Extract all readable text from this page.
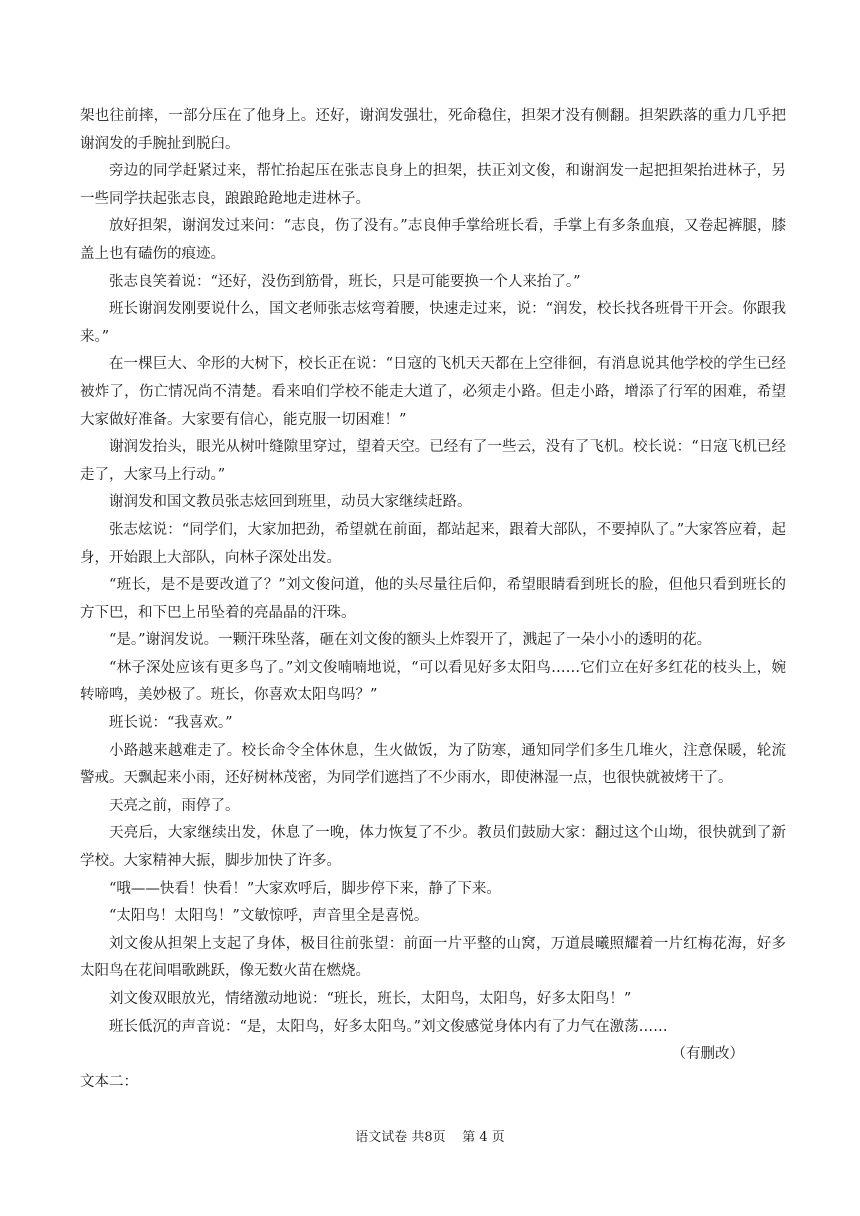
架也往前摔，一部分压在了他身上。还好，谢润发强壮，死命稳住，担架才没有侧翻。担架跌落的重力几乎把谢润发的手腕扯到脱臼。

旁边的同学赶紧过来，帮忙抬起压在张志良身上的担架，扶正刘文俊，和谢润发一起把担架抬进林子，另一些同学扶起张志良，踉踉跄跄地走进林子。

放好担架，谢润发过来问：“志良，伤了没有。”志良伸手掌给班长看，手掌上有多条血痕，又卷起裤腿，膝盖上也有磕伤的痕迹。

张志良笑着说：“还好，没伤到筋骨，班长，只是可能要换一个人来抬了。”

班长谢润发刚要说什么，国文老师张志炫弯着腰，快速走过来，说：“润发，校长找各班骨干开会。你跟我来。”

在一棵巨大、伞形的大树下，校长正在说：“日寇的飞机天天都在上空徘徊，有消息说其他学校的学生已经被炸了，伤亡情况尚不清楚。看来咱们学校不能走大道了，必须走小路。但走小路，增添了行军的困难，希望大家做好准备。大家要有信心，能克服一切困难！”

谢润发抬头，眼光从树叶缝隙里穿过，望着天空。已经有了一些云，没有了飞机。校长说：“日寇飞机已经走了，大家马上行动。”

谢润发和国文教员张志炫回到班里，动员大家继续赶路。

张志炫说：“同学们，大家加把劲，希望就在前面，都站起来，跟着大部队，不要掉队了。”大家答应着，起身，开始跟上大部队，向林子深处出发。

“班长，是不是要改道了？”刘文俊问道，他的头尽量往后仰，希望眼睛看到班长的脸，但他只看到班长的方下巴，和下巴上吊坠着的亮晶晶的汗珠。

“是。”谢润发说。一颗汗珠坠落，砸在刘文俊的额头上炸裂开了，溅起了一朵小小的透明的花。

“林子深处应该有更多鸟了。”刘文俊喃喃地说，“可以看见好多太阳鸟……它们立在好多红花的枝头上，婉转啼鸣，美妙极了。班长，你喜欢太阳鸟吗？”

班长说：“我喜欢。”

小路越来越难走了。校长命令全体休息，生火做饭，为了防寒，通知同学们多生几堆火，注意保暖，轮流警戒。天飘起来小雨，还好树林茂密，为同学们遮挡了不少雨水，即使淋湿一点，也很快就被烤干了。

天亮之前，雨停了。

天亮后，大家继续出发，休息了一晚，体力恢复了不少。教员们鼓励大家：翻过这个山坳，很快就到了新学校。大家精神大振，脚步加快了许多。

“哦——快看！快看！”大家欢呼后，脚步停下来，静了下来。

“太阳鸟！太阳鸟！”文敏惊呼，声音里全是喜悦。

刘文俊从担架上支起了身体，极目往前张望：前面一片平整的山窝，万道晨曦照耀着一片红梅花海，好多太阳鸟在花间唱歌跳跃，像无数火苗在燃烧。

刘文俊双眼放光，情绪激动地说：“班长，班长，太阳鸟，太阳鸟，好多太阳鸟！”

班长低沉的声音说：“是，太阳鸟，好多太阳鸟。”刘文俊感觉身体内有了力气在激荡……

（有删改）

文本二：

语文试卷 共8页 第 4 页
